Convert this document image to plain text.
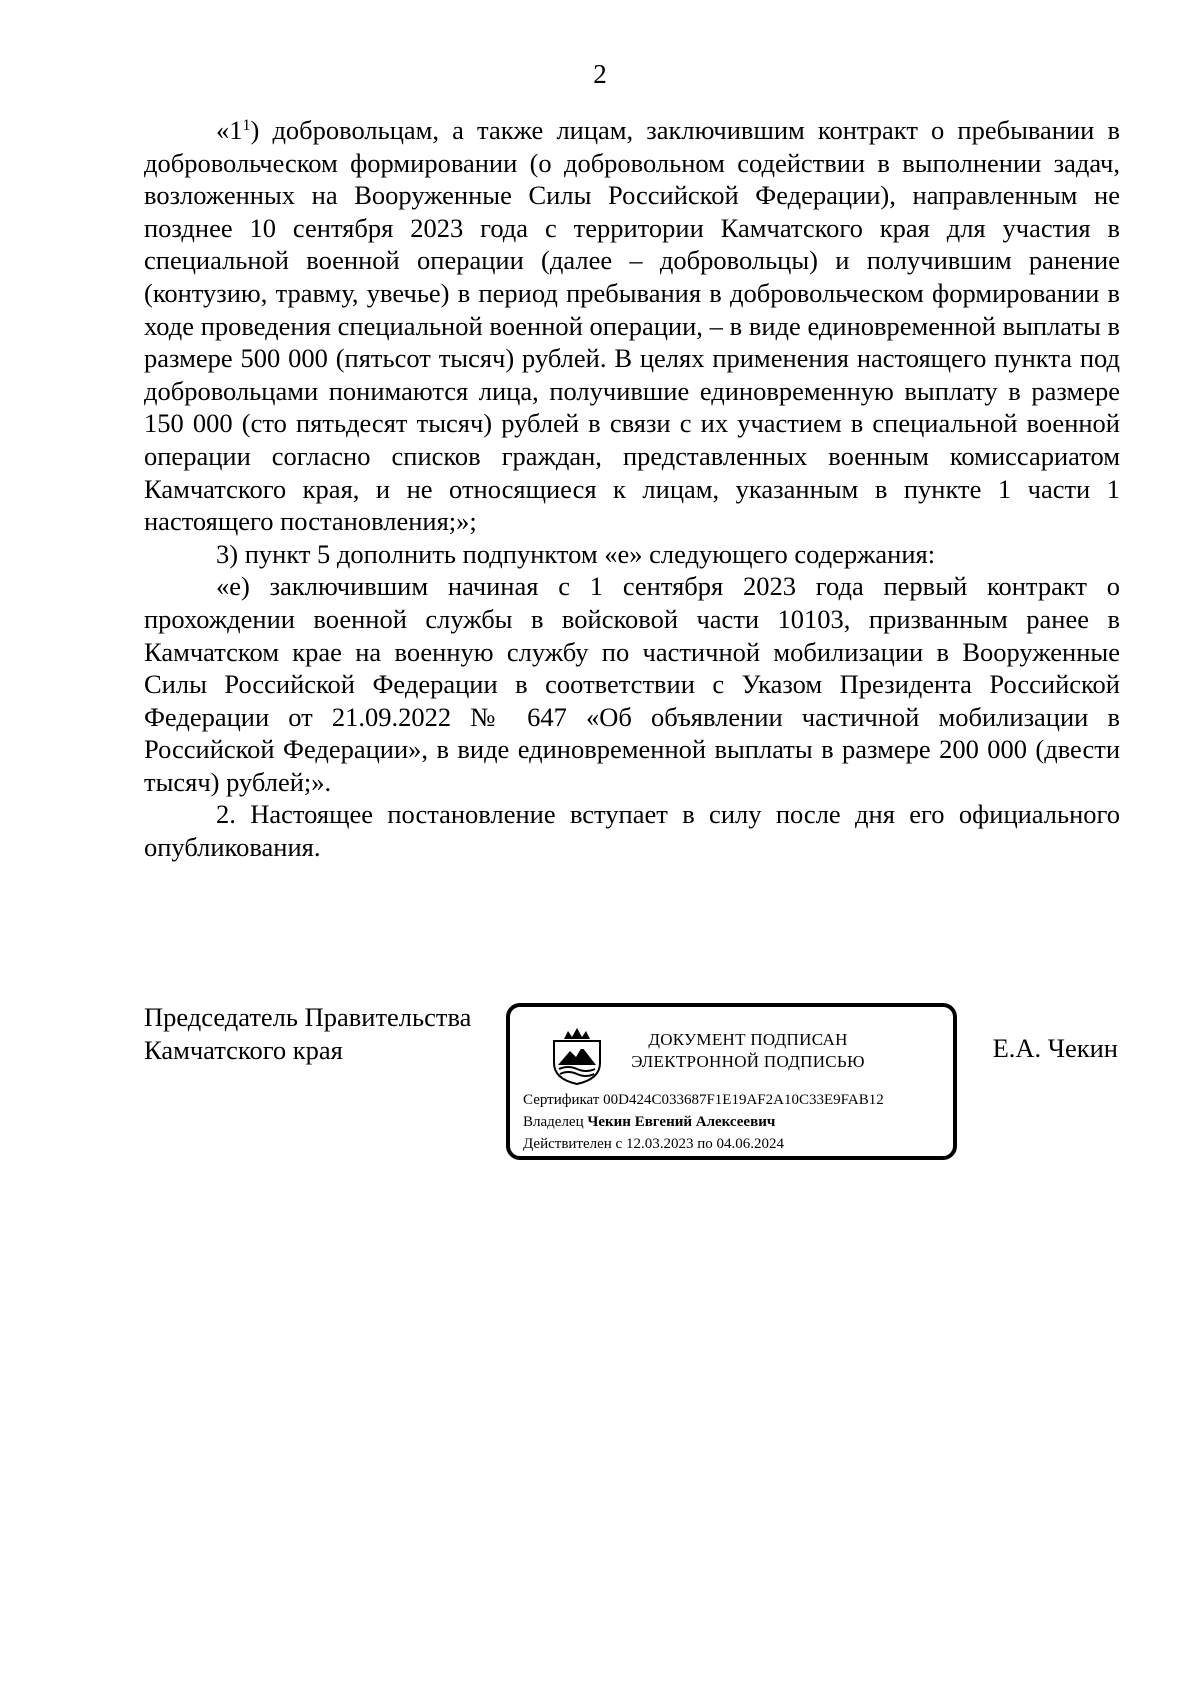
2

«$1^1$) добровольцам, а также лицам, заключившим контракт о пребывании в добровольческом формировании (о добровольном содействии в выполнении задач, возложенных на Вооруженные Силы Российской Федерации), направленным не позднее 10 сентября 2023 года с территории Камчатского края для участия в специальной военной операции (далее – добровольцы) и получившим ранение (контузию, травму, увечье) в период пребывания в добровольческом формировании в ходе проведения специальной военной операции, – в виде единовременной выплаты в размере 500 000 (пятьсот тысяч) рублей. В целях применения настоящего пункта под добровольцами понимаются лица, получившие единовременную выплату в размере 150 000 (сто пятьдесят тысяч) рублей в связи с их участием в специальной военной операции согласно списков граждан, представленных военным комиссариатом Камчатского края, и не относящиеся к лицам, указанным в пункте 1 части 1 настоящего постановления;»;

3) пункт 5 дополнить подпунктом «е» следующего содержания:

«е) заключившим начиная с 1 сентября 2023 года первый контракт о прохождении военной службы в войсковой части 10103, призванным ранее в Камчатском крае на военную службу по частичной мобилизации в Вооруженные Силы Российской Федерации в соответствии с Указом Президента Российской Федерации от 21.09.2022 № 647 «Об объявлении частичной мобилизации в Российской Федерации», в виде единовременной выплаты в размере 200 000 (двести тысяч) рублей;».

2. Настоящее постановление вступает в силу после дня его официального опубликования.

Председатель Правительства
Камчатского края	ДОКУМЕНТ ПОДПИСАН
ЭЛЕКТРОННОЙ ПОДПИСЬЮ
Сертификат 00D424C033687F1E19AF2A10C33E9FAB12
Владелец Чекин Евгений Алексеевич
Действителен с 12.03.2023 по 04.06.2024
Е.А. Чекин
